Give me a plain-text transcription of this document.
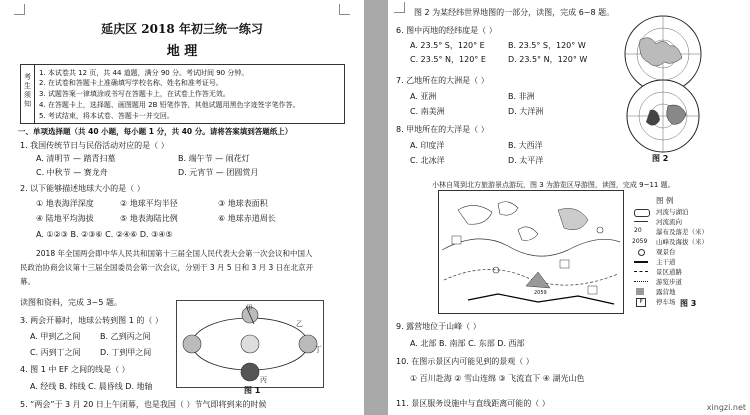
延庆区 2018 年初三统一练习
地 理
考
生
须
知
1. 本试卷共 12 页，共 44 道题，满分 90 分。考试时间 90 分钟。
2. 在试卷和答题卡上准确填写学校名称、姓名和准考证号。
3. 试题答案一律填涂或书写在答题卡上，在试卷上作答无效。
4. 在答题卡上，选择题、画图题用 2B 铅笔作答，其他试题用黑色字迹签字笔作答。
5. 考试结束，将本试卷、答题卡一并交回。
一、单项选择题（共 40 小题，每小题 1 分，共 40 分。请将答案填到答题纸上）
1. 我国传统节日与民俗活动对应的是（ ）
A. 清明节 — 踏青扫墓	B. 端午节 — 闹花灯
C. 中秋节 — 赛龙舟	D. 元宵节 — 团圆赏月
2. 以下能够描述地球大小的是（ ）
① 地表海洋深度	② 地球平均半径	③ 地球表面积
④ 陆地平均海拔	⑤ 地表海陆比例	⑥ 地球赤道周长
A. ①②③ B. ②③⑥ C. ②④⑥ D. ③④⑤
2018 年全国两会即中华人民共和国第十三届全国人民代表大会第一次会议和中国人
民政治协商会议第十三届全国委员会第一次会议，分别于 3 月 5 日和 3 月 3 日在北京开
幕。
读图和资料，完成 3~5 题。
3. 两会开幕时，地球公转到图 1 的（ ）
A. 甲到乙之间 B. 乙到丙之间
C. 丙到丁之间 D. 丁到甲之间
4. 图 1 中 EF 之间的线是（ ）
A. 经线 B. 纬线 C. 晨昏线 D. 地轴
5. “两会”于 3 月 20 日上午闭幕，也是我国（ ）节气即将到来的时候
甲
乙
丙
丁
图 1
图 2 为某经纬世界地图的一部分，读图，完成 6~8 题。
6. 图中丙地的经纬度是（ ）
A. 23.5° S，120° E	B. 23.5° S，120° W
C. 23.5° N，120° E	D. 23.5° N，120° W
7. 乙地所在的大洲是（ ）
A. 亚洲	B. 非洲
C. 南美洲	D. 大洋洲
8. 甲地所在的大洋是（ ）
A. 印度洋	B. 大西洋
C. 北冰洋	D. 太平洋	图 2
小林自驾到北方旅游景点游玩，图 3 为游览区导游图，读图，完成 9~11 题。
2059
图 例
河流与湖泊
河流流向
20 瀑布及落差（米）
2059 山峰及海拔（米）
观景台
主干道
景区道路
游览步道
露营地
P	停车场 图 3
9. 露营地位于山峰（ ）
A. 北部 B. 南部 C. 东部 D. 西部
10. 在图示景区内可能见到的景观（ ）
① 百川赴海 ② 雪山连绵 ③ 飞流直下 ④ 湖光山色
11. 景区服务设施中与直线距离可能的（ ）	xingzi.net
